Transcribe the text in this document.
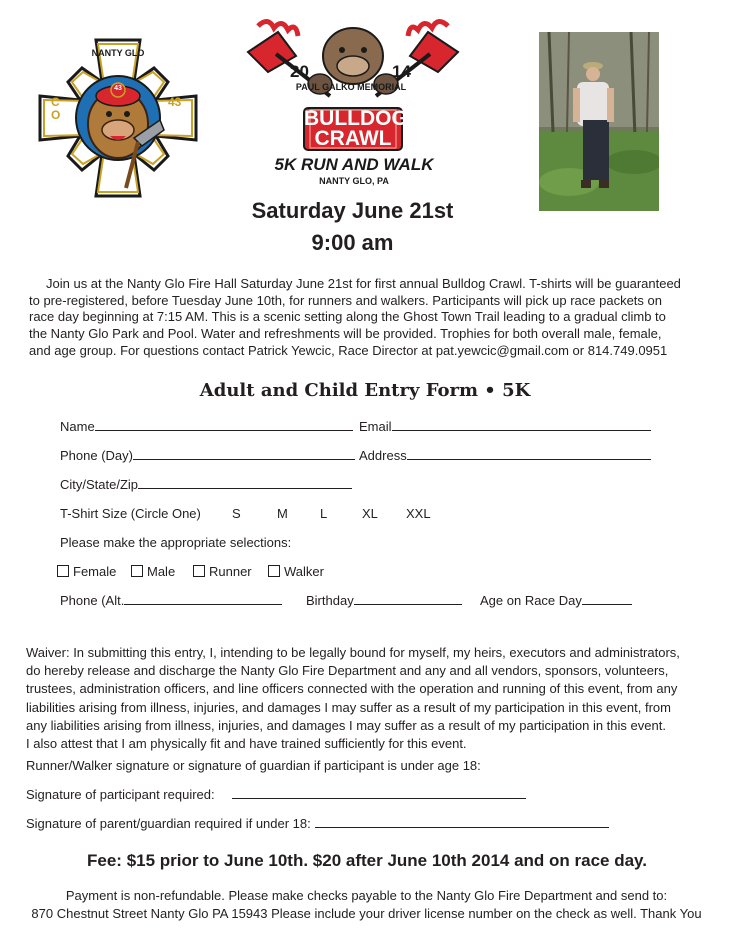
NANTY GLO
43
CO
43
20	14
PAUL GALKO MEMORIAL
BULLDOG
CRAWL
5K RUN AND WALK
NANTY GLO, PA
Saturday June 21st
9:00 am
Join us at the Nanty Glo Fire Hall Saturday June 21st for first annual Bulldog Crawl. T-shirts will be guaranteed
to pre-registered, before Tuesday June 10th, for runners and walkers. Participants will pick up race packets on
race day beginning at 7:15 AM. This is a scenic setting along the Ghost Town Trail leading to a gradual climb to
the Nanty Glo Park and Pool. Water and refreshments will be provided. Trophies for both overall male, female,
and age group. For questions contact Patrick Yewcic, Race Director at pat.yewcic@gmail.com or 814.749.0951
Adult and Child Entry Form • 5K
Name	Email
Phone (Day)	Address
City/State/Zip
T-Shirt Size (Circle One) S	M L	XL XXL
Please make the appropriate selections:
Female	Male	Runner	Walker
Phone (Alt.	Birthday	Age on Race Day
Waiver: In submitting this entry, I, intending to be legally bound for myself, my heirs, executors and administrators,
do hereby release and discharge the Nanty Glo Fire Department and any and all vendors, sponsors, volunteers,
trustees, administration officers, and line officers connected with the operation and running of this event, from any
liabilities arising from illness, injuries, and damages I may suffer as a result of my participation in this event, from
any liabilities arising from illness, injuries, and damages I may suffer as a result of my participation in this event.
I also attest that I am physically fit and have trained sufficiently for this event.
Runner/Walker signature or signature of guardian if participant is under age 18:
Signature of participant required:
Signature of parent/guardian required if under 18:
Fee: $15 prior to June 10th. $20 after June 10th 2014 and on race day.
Payment is non-refundable. Please make checks payable to the Nanty Glo Fire Department and send to:
870 Chestnut Street Nanty Glo PA 15943 Please include your driver license number on the check as well. Thank You
